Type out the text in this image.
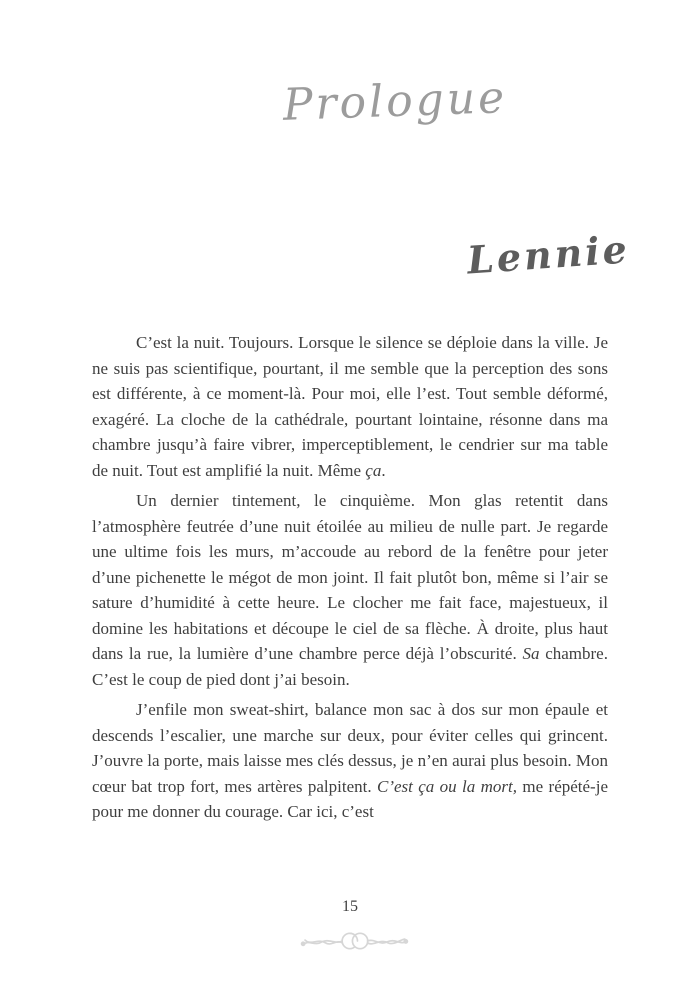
Prologue
Lennie

C’est la nuit. Toujours. Lorsque le silence se déploie dans la ville. Je ne suis pas scientifique, pourtant, il me semble que la perception des sons est différente, à ce moment-là. Pour moi, elle l’est. Tout semble déformé, exagéré. La cloche de la cathédrale, pourtant lointaine, résonne dans ma chambre jusqu’à faire vibrer, imperceptiblement, le cendrier sur ma table de nuit. Tout est amplifié la nuit. Même ça.

Un dernier tintement, le cinquième. Mon glas retentit dans l’atmosphère feutrée d’une nuit étoilée au milieu de nulle part. Je regarde une ultime fois les murs, m’accoude au rebord de la fenêtre pour jeter d’une pichenette le mégot de mon joint. Il fait plutôt bon, même si l’air se sature d’humidité à cette heure. Le clocher me fait face, majestueux, il domine les habitations et découpe le ciel de sa flèche. À droite, plus haut dans la rue, la lumière d’une chambre perce déjà l’obscurité. Sa chambre. C’est le coup de pied dont j’ai besoin.

J’enfile mon sweat-shirt, balance mon sac à dos sur mon épaule et descends l’escalier, une marche sur deux, pour éviter celles qui grincent. J’ouvre la porte, mais laisse mes clés dessus, je n’en aurai plus besoin. Mon cœur bat trop fort, mes artères palpitent. C’est ça ou la mort, me répété-je pour me donner du courage. Car ici, c’est

15
